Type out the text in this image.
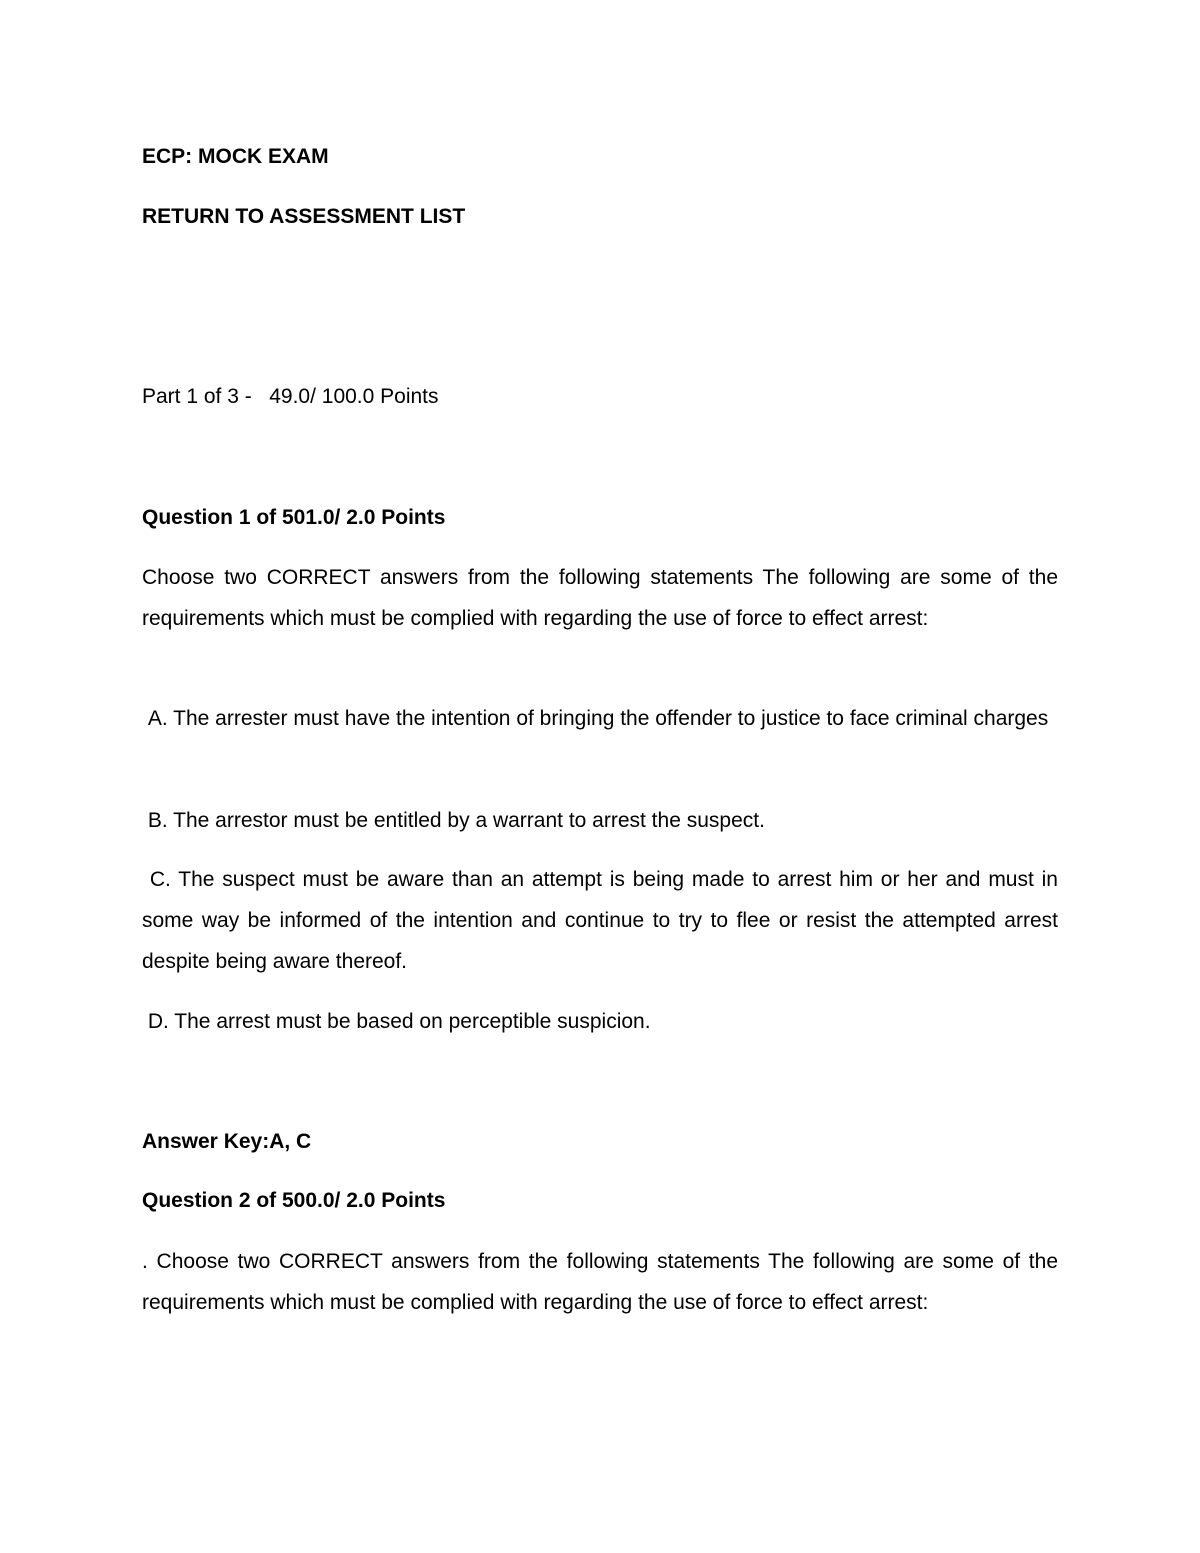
ECP: MOCK EXAM
RETURN TO ASSESSMENT LIST
Part 1 of 3 -   49.0/ 100.0 Points
Question 1 of 501.0/ 2.0 Points
Choose two CORRECT answers from the following statements The following are some of the requirements which must be complied with regarding the use of force to effect arrest:
A. The arrester must have the intention of bringing the offender to justice to face criminal charges
B. The arrestor must be entitled by a warrant to arrest the suspect.
C. The suspect must be aware than an attempt is being made to arrest him or her and must in some way be informed of the intention and continue to try to flee or resist the attempted arrest despite being aware thereof.
D. The arrest must be based on perceptible suspicion.
Answer Key:A, C
Question 2 of 500.0/ 2.0 Points
. Choose two CORRECT answers from the following statements The following are some of the requirements which must be complied with regarding the use of force to effect arrest:
